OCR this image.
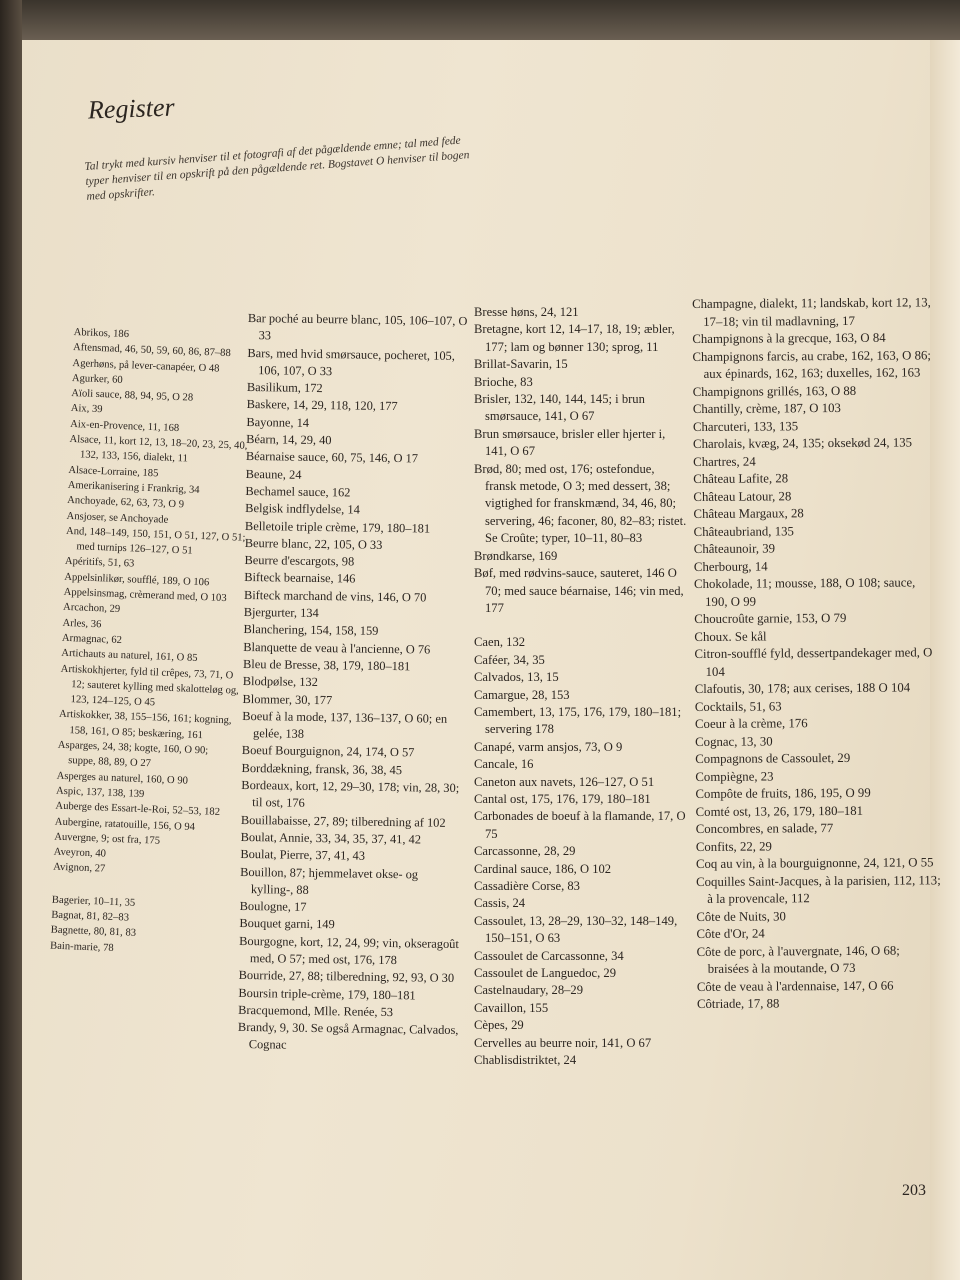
Register
Tal trykt med kursiv henviser til et fotografi af det pågældende emne; tal med fede typer henviser til en opskrift på den pågældende ret. Bogstavet O henviser til bogen med opskrifter.
Abrikos, 186
Aftensmad, 46, 50, 59, 60, 86, 87–88
Agerhøns, på lever-canapéer, O 48
Agurker, 60
Aïoli sauce, 88, 94, 95, O 28
Aix, 39
Aix-en-Provence, 11, 168
Alsace, 11, kort 12, 13, 18–20, 23, 25, 40, 132, 133, 156, dialekt, 11
Alsace-Lorraine, 185
Amerikanisering i Frankrig, 34
Anchoyade, 62, 63, 73, O 9
Ansjoser, se Anchoyade
And, 148–149, 150, 151, O 51, 127, O 51; med turnips 126–127, O 51
Apéritifs, 51, 63
Appelsinlikør, soufflé, 189, O 106
Appelsinsmag, crèmerand med, O 103
Arcachon, 29
Arles, 36
Armagnac, 62
Artichauts au naturel, 161, O 85
Artiskokhjerter, fyld til crêpes, 73, 71, O 12; sauteret kylling med skalotteløg og, 123, 124–125, O 45
Artiskokker, 38, 155–156, 161; kogning, 158, 161, O 85; beskæring, 161
Asparges, 24, 38; kogte, 160, O 90; suppe, 88, 89, O 27
Asperges au naturel, 160, O 90
Aspic, 137, 138, 139
Auberge des Essart-le-Roi, 52–53, 182
Aubergine, ratatouille, 156, O 94
Auvergne, 9; ost fra, 175
Aveyron, 40
Avignon, 27
Bagerier, 10–11, 35
Bagnat, 81, 82–83
Bagnette, 80, 81, 83
Bain-marie, 78
Bar poché au beurre blanc, 105, 106–107, O 33
Bars, med hvid smørsauce, pocheret, 105, 106, 107, O 33
Basilikum, 172
Baskere, 14, 29, 118, 120, 177
Bayonne, 14
Béarn, 14, 29, 40
Béarnaise sauce, 60, 75, 146, O 17
Beaune, 24
Bechamel sauce, 162
Belgisk indflydelse, 14
Belletoile triple crème, 179, 180–181
Beurre blanc, 22, 105, O 33
Beurre d'escargots, 98
Bifteck bearnaise, 146
Bifteck marchand de vins, 146, O 70
Bjergurter, 134
Blanchering, 154, 158, 159
Blanquette de veau à l'ancienne, O 76
Bleu de Bresse, 38, 179, 180–181
Blodpølse, 132
Blommer, 30, 177
Boeuf à la mode, 137, 136–137, O 60; en gelée, 138
Boeuf Bourguignon, 24, 174, O 57
Borddækning, fransk, 36, 38, 45
Bordeaux, kort, 12, 29–30, 178; vin, 28, 30; til ost, 176
Bouillabaisse, 27, 89; tilberedning af 102
Boulat, Annie, 33, 34, 35, 37, 41, 42
Boulat, Pierre, 37, 41, 43
Bouillon, 87; hjemmelavet okse- og kylling-, 88
Boulogne, 17
Bouquet garni, 149
Bourgogne, kort, 12, 24, 99; vin, okseragoût med, O 57; med ost, 176, 178
Bourride, 27, 88; tilberedning, 92, 93, O 30
Boursin triple-crème, 179, 180–181
Bracquemond, Mlle. Renée, 53
Brandy, 9, 30. Se også Armagnac, Calvados, Cognac
Bresse høns, 24, 121
Bretagne, kort 12, 14–17, 18, 19; æbler, 177; lam og bønner 130; sprog, 11
Brillat-Savarin, 15
Brioche, 83
Brisler, 132, 140, 144, 145; i brun smørsauce, 141, O 67
Brun smørsauce, brisler eller hjerter i, 141, O 67
Brød, 80; med ost, 176; ostefondue, fransk metode, O 3; med dessert, 38; vigtighed for franskmænd, 34, 46, 80; servering, 46; faconer, 80, 82–83; ristet. Se Croûte; typer, 10–11, 80–83
Brøndkarse, 169
Bøf, med rødvins-sauce, sauteret, 146 O 70; med sauce béarnaise, 146; vin med, 177
Caen, 132
Caféer, 34, 35
Calvados, 13, 15
Camargue, 28, 153
Camembert, 13, 175, 176, 179, 180–181; servering 178
Canapé, varm ansjos, 73, O 9
Cancale, 16
Caneton aux navets, 126–127, O 51
Cantal ost, 175, 176, 179, 180–181
Carbonades de boeuf à la flamande, 17, O 75
Carcassonne, 28, 29
Cardinal sauce, 186, O 102
Cassadière Corse, 83
Cassis, 24
Cassoulet, 13, 28–29, 130–32, 148–149, 150–151, O 63
Cassoulet de Carcassonne, 34
Cassoulet de Languedoc, 29
Castelnaudary, 28–29
Cavaillon, 155
Cèpes, 29
Cervelles au beurre noir, 141, O 67
Chablisdistriktet, 24
Champagne, dialekt, 11; landskab, kort 12, 13, 17–18; vin til madlavning, 17
Champignons à la grecque, 163, O 84
Champignons farcis, au crabe, 162, 163, O 86; aux épinards, 162, 163; duxelles, 162, 163
Champignons grillés, 163, O 88
Chantilly, crème, 187, O 103
Charcuteri, 133, 135
Charolais, kvæg, 24, 135; oksekød 24, 135
Chartres, 24
Château Lafite, 28
Château Latour, 28
Château Margaux, 28
Châteaubriand, 135
Châteaunoir, 39
Cherbourg, 14
Chokolade, 11; mousse, 188, O 108; sauce, 190, O 99
Choucroûte garnie, 153, O 79
Choux. Se kål
Citron-soufflé fyld, dessertpandekager med, O 104
Clafoutis, 30, 178; aux cerises, 188 O 104
Cocktails, 51, 63
Coeur à la crème, 176
Cognac, 13, 30
Compagnons de Cassoulet, 29
Compiègne, 23
Compôte de fruits, 186, 195, O 99
Comté ost, 13, 26, 179, 180–181
Concombres, en salade, 77
Confits, 22, 29
Coq au vin, à la bourguignonne, 24, 121, O 55
Coquilles Saint-Jacques, à la parisien, 112, 113; à la provencale, 112
Côte de Nuits, 30
Côte d'Or, 24
Côte de porc, à l'auvergnate, 146, O 68; braisées à la moutande, O 73
Côte de veau à l'ardennaise, 147, O 66
Côtriade, 17, 88
203
